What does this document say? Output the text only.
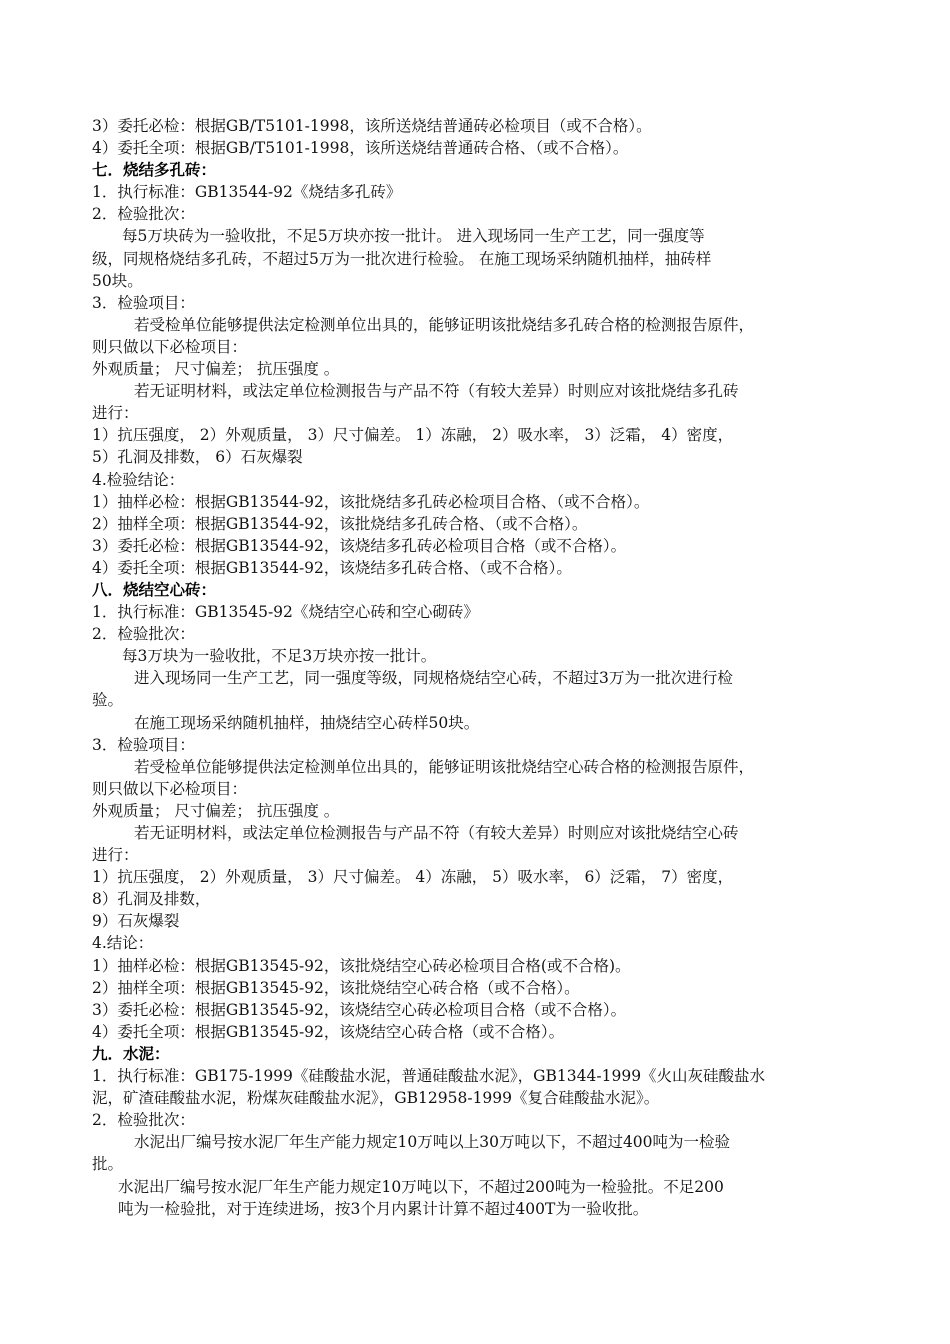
3）委托必检：根据GB/T5101-1998，该所送烧结普通砖必检项目（或不合格）。
4）委托全项：根据GB/T5101-1998，该所送烧结普通砖合格、（或不合格）。
七．烧结多孔砖：
1．执行标准：GB13544-92《烧结多孔砖》
2．检验批次：
每5万块砖为一验收批，不足5万块亦按一批计。 进入现场同一生产工艺，同一强度等
级，同规格烧结多孔砖，不超过5万为一批次进行检验。 在施工现场采纳随机抽样，抽砖样
50块。
3．检验项目：
若受检单位能够提供法定检测单位出具的，能够证明该批烧结多孔砖合格的检测报告原件，
则只做以下必检项目：
外观质量； 尺寸偏差； 抗压强度 。
若无证明材料，或法定单位检测报告与产品不符（有较大差异）时则应对该批烧结多孔砖
进行：
1）抗压强度， 2）外观质量， 3）尺寸偏差。 1）冻融， 2）吸水率， 3）泛霜， 4）密度，
5）孔洞及排数， 6）石灰爆裂
4.检验结论：
1）抽样必检：根据GB13544-92，该批烧结多孔砖必检项目合格、（或不合格）。
2）抽样全项：根据GB13544-92，该批烧结多孔砖合格、（或不合格）。
3）委托必检：根据GB13544-92，该烧结多孔砖必检项目合格（或不合格）。
4）委托全项：根据GB13544-92，该烧结多孔砖合格、（或不合格）。
八．烧结空心砖：
1．执行标准：GB13545-92《烧结空心砖和空心砌砖》
2．检验批次：
每3万块为一验收批，不足3万块亦按一批计。
进入现场同一生产工艺，同一强度等级，同规格烧结空心砖，不超过3万为一批次进行检
验。
在施工现场采纳随机抽样，抽烧结空心砖样50块。
3．检验项目：
若受检单位能够提供法定检测单位出具的，能够证明该批烧结空心砖合格的检测报告原件，
则只做以下必检项目：
外观质量； 尺寸偏差； 抗压强度 。
若无证明材料，或法定单位检测报告与产品不符（有较大差异）时则应对该批烧结空心砖
进行：
1）抗压强度， 2）外观质量， 3）尺寸偏差。 4）冻融， 5）吸水率， 6）泛霜， 7）密度，
8）孔洞及排数，
9）石灰爆裂
4.结论：
1）抽样必检：根据GB13545-92，该批烧结空心砖必检项目合格(或不合格)。
2）抽样全项：根据GB13545-92，该批烧结空心砖合格（或不合格）。
3）委托必检：根据GB13545-92，该烧结空心砖必检项目合格（或不合格）。
4）委托全项：根据GB13545-92，该烧结空心砖合格（或不合格）。
九．水泥：
1．执行标准：GB175-1999《硅酸盐水泥，普通硅酸盐水泥》，GB1344-1999《火山灰硅酸盐水
泥，矿渣硅酸盐水泥，粉煤灰硅酸盐水泥》，GB12958-1999《复合硅酸盐水泥》。
2．检验批次：
水泥出厂编号按水泥厂年生产能力规定10万吨以上30万吨以下，不超过400吨为一检验
批。
水泥出厂编号按水泥厂年生产能力规定10万吨以下，不超过200吨为一检验批。不足200
吨为一检验批，对于连续进场，按3个月内累计计算不超过400T为一验收批。
